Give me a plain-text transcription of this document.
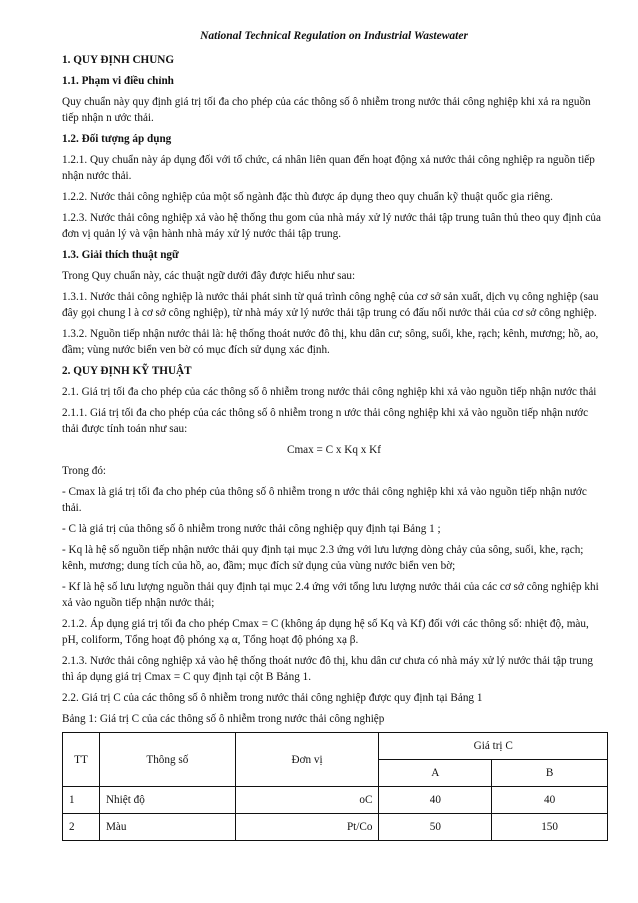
National Technical Regulation on Industrial Wastewater

1. QUY ĐỊNH CHUNG

1.1. Phạm vi điều chỉnh

Quy chuẩn này quy định giá trị tối đa cho phép của các thông số ô nhiễm trong nước thải công nghiệp khi xả ra nguồn tiếp nhận n ước thải.

1.2. Đối tượng áp dụng

1.2.1. Quy chuẩn này áp dụng đối với tổ chức, cá nhân liên quan đến hoạt động xả nước thải công nghiệp ra nguồn tiếp nhận nước thải.

1.2.2. Nước thải công nghiệp của một số ngành đặc thù được áp dụng theo quy chuẩn kỹ thuật quốc gia riêng.

1.2.3. Nước thải công nghiệp xả vào hệ thống thu gom của nhà máy xử lý nước thải tập trung tuân thủ theo quy định của đơn vị quản lý và vận hành nhà máy xử lý nước thải tập trung.

1.3. Giải thích thuật ngữ

Trong Quy chuẩn này, các thuật ngữ dưới đây được hiểu như sau:

1.3.1. Nước thải công nghiệp là nước thải phát sinh từ quá trình công nghệ của cơ sở sản xuất, dịch vụ công nghiệp (sau đây gọi chung l à cơ sở công nghiệp), từ nhà máy xử lý nước thải tập trung có đấu nối nước thải của cơ sở công nghiệp.

1.3.2. Nguồn tiếp nhận nước thải là: hệ thống thoát nước đô thị, khu dân cư; sông, suối, khe, rạch; kênh, mương; hồ, ao, đầm; vùng nước biển ven bờ có mục đích sử dụng xác định.

2. QUY ĐỊNH KỸ THUẬT

2.1. Giá trị tối đa cho phép của các thông số ô nhiễm trong nước thải công nghiệp khi xả vào nguồn tiếp nhận nước thải

2.1.1. Giá trị tối đa cho phép của các thông số ô nhiễm trong n ước thải công nghiệp khi xả vào nguồn tiếp nhận nước thải được tính toán như sau:

Cmax = C x Kq x Kf

Trong đó:

- Cmax là giá trị tối đa cho phép của thông số ô nhiễm trong n ước thải công nghiệp khi xả vào nguồn tiếp nhận nước thải.

- C là giá trị của thông số ô nhiễm trong nước thải công nghiệp quy định tại Bảng 1 ;

- Kq là hệ số nguồn tiếp nhận nước thải quy định tại mục 2.3 ứng với lưu lượng dòng chảy của sông, suối, khe, rạch; kênh, mương; dung tích của hồ, ao, đầm; mục đích sử dụng của vùng nước biển ven bờ;

- Kf là hệ số lưu lượng nguồn thải quy định tại mục 2.4 ứng với tổng lưu lượng nước thải của các cơ sở công nghiệp khi xả vào nguồn tiếp nhận nước thải;

2.1.2. Áp dụng giá trị tối đa cho phép Cmax = C (không áp dụng hệ số Kq và Kf) đối với các thông số: nhiệt độ, màu, pH, coliform, Tổng hoạt độ phóng xạ α, Tổng hoạt độ phóng xạ β.

2.1.3. Nước thải công nghiệp xả vào hệ thống thoát nước đô thị, khu dân cư chưa có nhà máy xử lý nước thải tập trung thì áp dụng giá trị Cmax = C quy định tại cột B Bảng 1.

2.2. Giá trị C của các thông số ô nhiễm trong nước thải công nghiệp được quy định tại Bảng 1

Bảng 1: Giá trị C của các thông số ô nhiễm trong nước thải công nghiệp

TT	Thông số	Đơn vị	Giá trị C	
			A	B
1	Nhiệt độ	oC	40	40
2	Màu	Pt/Co	50	150
